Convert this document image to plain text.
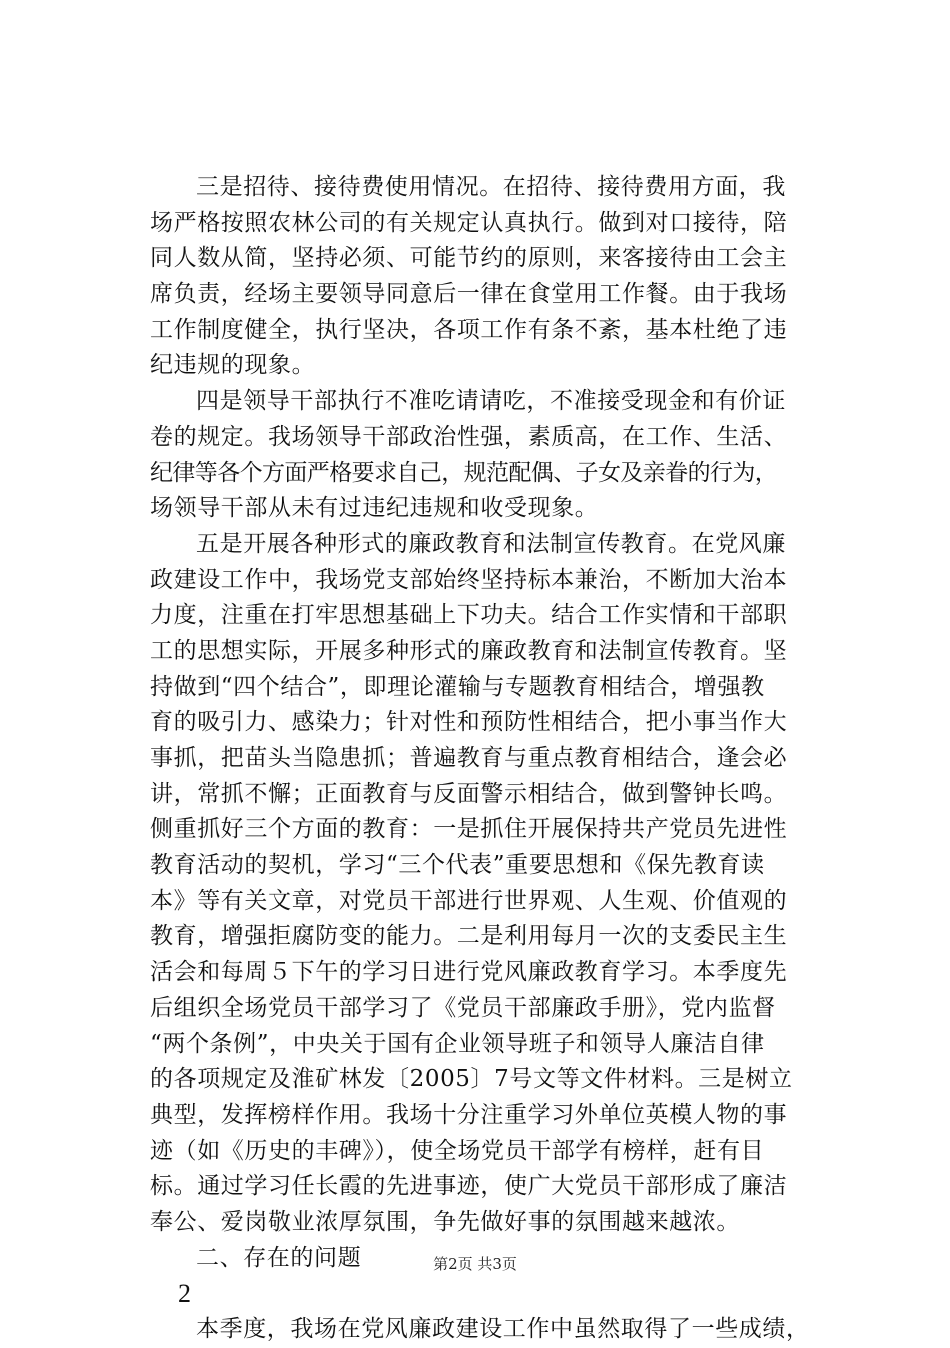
三是招待、接待费使用情况。在招待、接待费用方面，我
场严格按照农林公司的有关规定认真执行。做到对口接待，陪
同人数从简，坚持必须、可能节约的原则，来客接待由工会主
席负责，经场主要领导同意后一律在食堂用工作餐。由于我场
工作制度健全，执行坚决，各项工作有条不紊，基本杜绝了违
纪违规的现象。
四是领导干部执行不准吃请请吃，不准接受现金和有价证
卷的规定。我场领导干部政治性强，素质高，在工作、生活、
纪律等各个方面严格要求自己，规范配偶、子女及亲眷的行为，
场领导干部从未有过违纪违规和收受现象。
五是开展各种形式的廉政教育和法制宣传教育。在党风廉
政建设工作中，我场党支部始终坚持标本兼治，不断加大治本
力度，注重在打牢思想基础上下功夫。结合工作实情和干部职
工的思想实际，开展多种形式的廉政教育和法制宣传教育。坚
持做到“四个结合”，即理论灌输与专题教育相结合，增强教
育的吸引力、感染力；针对性和预防性相结合，把小事当作大
事抓，把苗头当隐患抓；普遍教育与重点教育相结合，逢会必
讲，常抓不懈；正面教育与反面警示相结合，做到警钟长鸣。
侧重抓好三个方面的教育：一是抓住开展保持共产党员先进性
教育活动的契机，学习“三个代表”重要思想和《保先教育读
本》等有关文章，对党员干部进行世界观、人生观、价值观的
教育，增强拒腐防变的能力。二是利用每月一次的支委民主生
活会和每周５下午的学习日进行党风廉政教育学习。本季度先
后组织全场党员干部学习了《党员干部廉政手册》，党内监督
“两个条例”，中央关于国有企业领导班子和领导人廉洁自律
的各项规定及淮矿林发〔2005〕7号文等文件材料。三是树立
典型，发挥榜样作用。我场十分注重学习外单位英模人物的事
迹（如《历史的丰碑》），使全场党员干部学有榜样，赶有目
标。通过学习任长霞的先进事迹，使广大党员干部形成了廉洁
奉公、爱岗敬业浓厚氛围，争先做好事的氛围越来越浓。
二、存在的问题
2
本季度，我场在党风廉政建设工作中虽然取得了一些成绩，
第2页 共3页
